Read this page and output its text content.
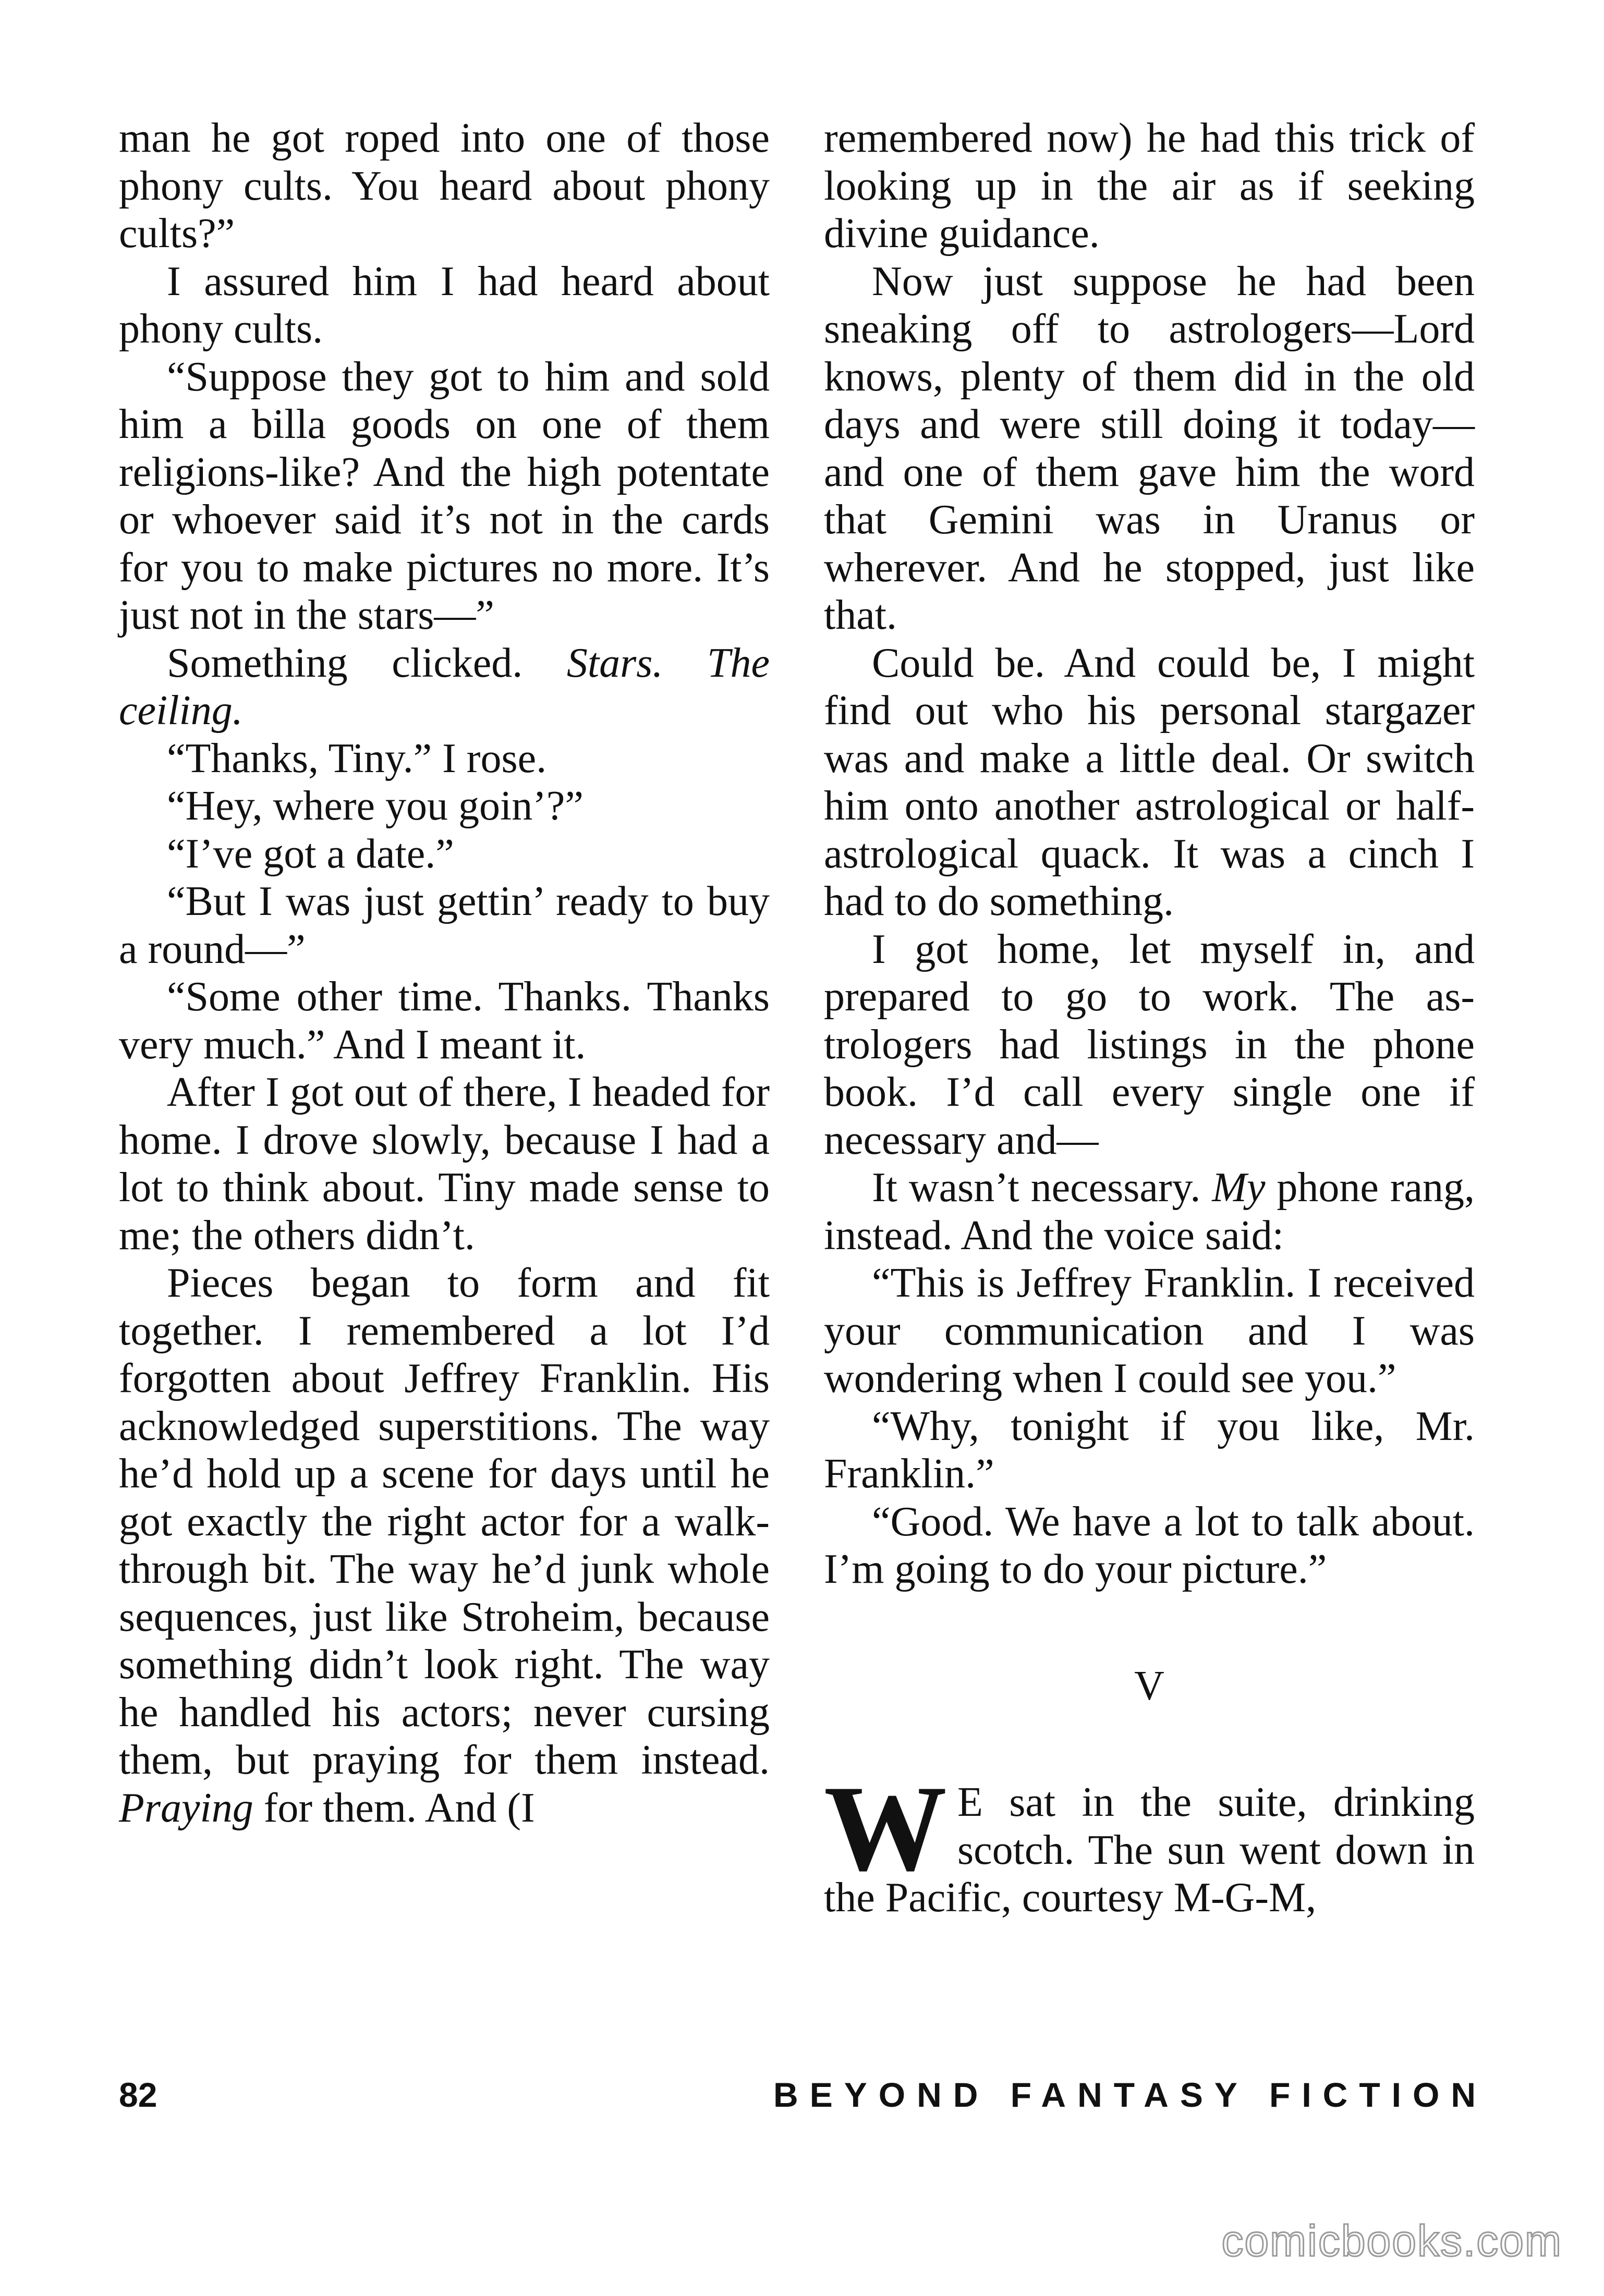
man he got roped into one of those phony cults. You heard about phony cults?”

I assured him I had heard about phony cults.

“Suppose they got to him and sold him a billa goods on one of them religions-like? And the high potentate or whoever said it’s not in the cards for you to make pictures no more. It’s just not in the stars—”

Something clicked. Stars. The ceiling.

“Thanks, Tiny.” I rose.

“Hey, where you goin’?”

“I’ve got a date.”

“But I was just gettin’ ready to buy a round—”

“Some other time. Thanks. Thanks very much.” And I meant it.

After I got out of there, I headed for home. I drove slowly, because I had a lot to think about. Tiny made sense to me; the others didn’t.

Pieces began to form and fit together. I remembered a lot I’d forgotten about Jeffrey Franklin. His acknowledged superstitions. The way he’d hold up a scene for days until he got exactly the right actor for a walk-through bit. The way he’d junk whole sequences, just like Stroheim, because something didn’t look right. The way he handled his actors; never cursing them, but praying for them instead. Praying for them. And (I

remembered now) he had this trick of looking up in the air as if seeking divine guidance.

Now just suppose he had been sneaking off to astrologers—Lord knows, plenty of them did in the old days and were still doing it today—and one of them gave him the word that Gemini was in Uranus or wherever. And he stopped, just like that.

Could be. And could be, I might find out who his personal stargazer was and make a little deal. Or switch him onto another astrological or half-astrological quack. It was a cinch I had to do something.

I got home, let myself in, and prepared to go to work. The astrologers had listings in the phone book. I’d call every single one if necessary and—

It wasn’t necessary. My phone rang, instead. And the voice said:

“This is Jeffrey Franklin. I received your communication and I was wondering when I could see you.”

“Why, tonight if you like, Mr. Franklin.”

“Good. We have a lot to talk about. I’m going to do your picture.”

V

W E sat in the suite, drinking scotch. The sun went down in the Pacific, courtesy M-G-M,

82	BEYOND FANTASY FICTION
comicbooks.com
